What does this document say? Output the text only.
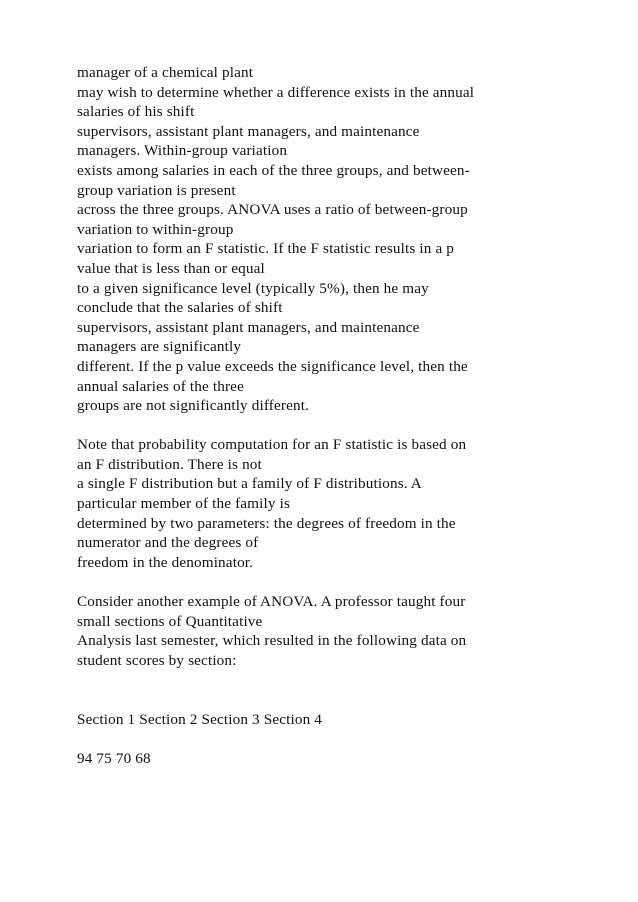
manager of a chemical plant
may wish to determine whether a difference exists in the annual
salaries of his shift
supervisors, assistant plant managers, and maintenance
managers. Within-group variation
exists among salaries in each of the three groups, and between-
group variation is present
across the three groups. ANOVA uses a ratio of between-group
variation to within-group
variation to form an F statistic. If the F statistic results in a p
value that is less than or equal
to a given significance level (typically 5%), then he may
conclude that the salaries of shift
supervisors, assistant plant managers, and maintenance
managers are significantly
different. If the p value exceeds the significance level, then the
annual salaries of the three
groups are not significantly different.
Note that probability computation for an F statistic is based on
an F distribution. There is not
a single F distribution but a family of F distributions. A
particular member of the family is
determined by two parameters: the degrees of freedom in the
numerator and the degrees of
freedom in the denominator.
Consider another example of ANOVA. A professor taught four
small sections of Quantitative
Analysis last semester, which resulted in the following data on
student scores by section:
Section 1 Section 2 Section 3 Section 4
94 75 70 68
